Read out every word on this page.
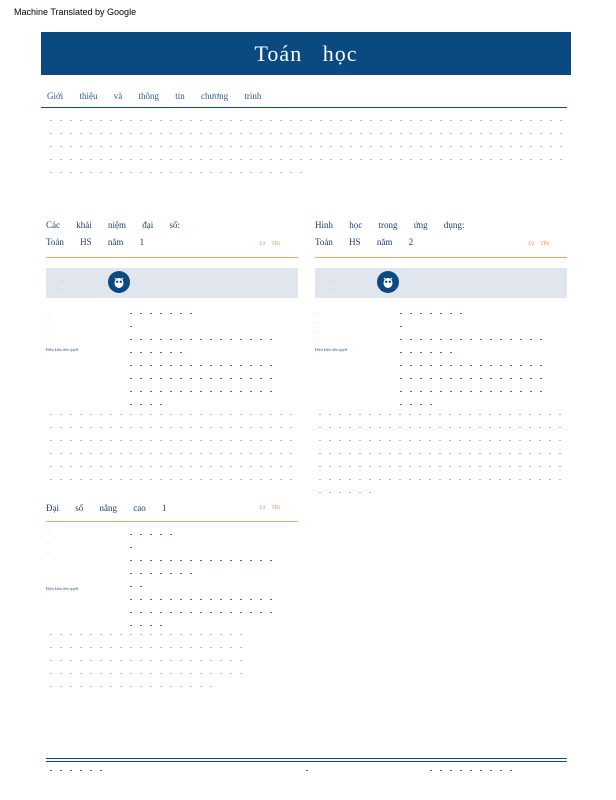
Machine Translated by Google
Toán học
Giới thiệu và thông tin chương trình
Các khái niệm đại số:
Toán HS năm 1	1/2 TÍN
· ·
· ·
· ·
· ·
· ·
· ·
Điều kiện tiên quyết
·
Hình học trong ứng dụng:
Toán HS năm 2	2/2 TÍN
· ·
· ·
· ·
· ·
· ·
· ·
Điều kiện tiên quyết
·
Đại số nâng cao 1	1/2 TÍN
· ·
· ·
· ·

· ·
Điều kiện tiên quyết
·
